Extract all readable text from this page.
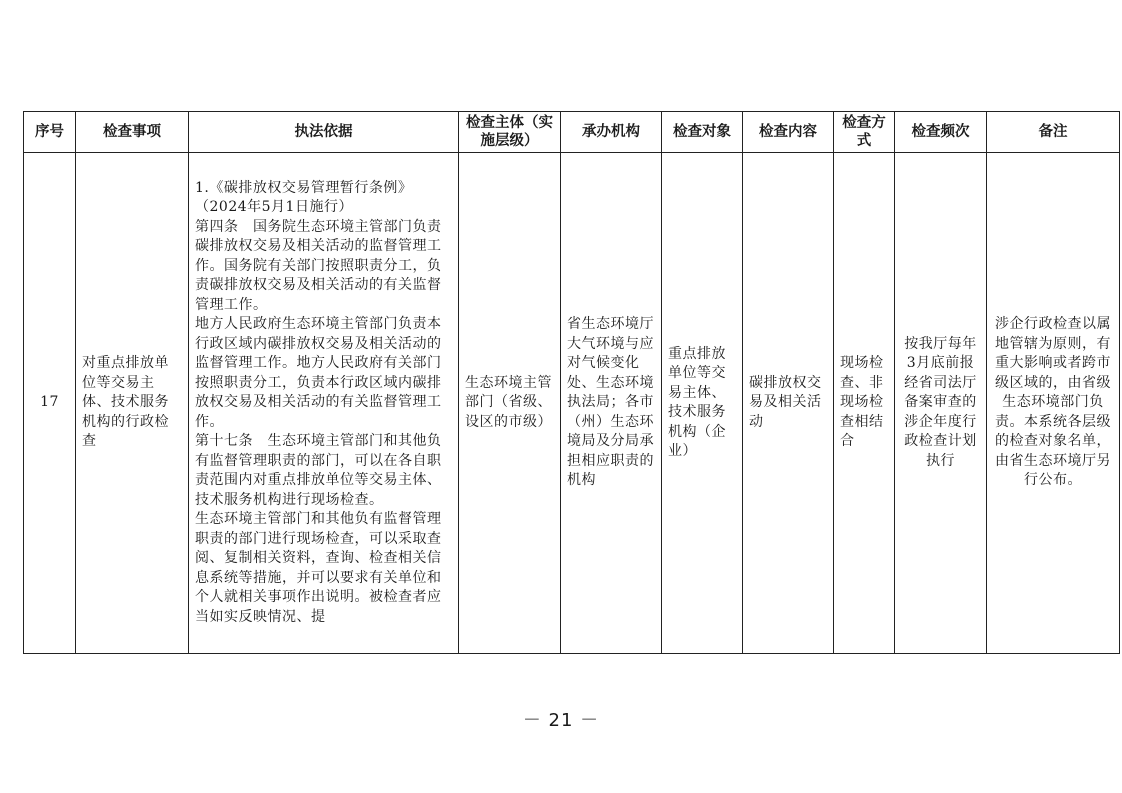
序号	检查事项	执法依据	检查主体（实施层级）	承办机构	检查对象	检查内容	检查方式	检查频次	备注
17	对重点排放单位等交易主体、技术服务机构的行政检查	1.《碳排放权交易管理暂行条例》（2024年5月1日施行）
第四条　国务院生态环境主管部门负责碳排放权交易及相关活动的监督管理工作。国务院有关部门按照职责分工，负责碳排放权交易及相关活动的有关监督管理工作。
地方人民政府生态环境主管部门负责本行政区域内碳排放权交易及相关活动的监督管理工作。地方人民政府有关部门按照职责分工，负责本行政区域内碳排放权交易及相关活动的有关监督管理工作。
第十七条　生态环境主管部门和其他负有监督管理职责的部门，可以在各自职责范围内对重点排放单位等交易主体、技术服务机构进行现场检查。
生态环境主管部门和其他负有监督管理职责的部门进行现场检查，可以采取查阅、复制相关资料，查询、检查相关信息系统等措施，并可以要求有关单位和个人就相关事项作出说明。被检查者应当如实反映情况、提	生态环境主管部门（省级、设区的市级）	省生态环境厅大气环境与应对气候变化处、生态环境执法局；各市（州）生态环境局及分局承担相应职责的机构	重点排放单位等交易主体、技术服务机构（企业）	碳排放权交易及相关活动	现场检查、非现场检查相结合	按我厅每年3月底前报经省司法厅备案审查的涉企年度行政检查计划执行	涉企行政检查以属地管辖为原则，有重大影响或者跨市级区域的，由省级生态环境部门负责。本系统各层级的检查对象名单，由省生态环境厅另行公布。
－ 21 －
